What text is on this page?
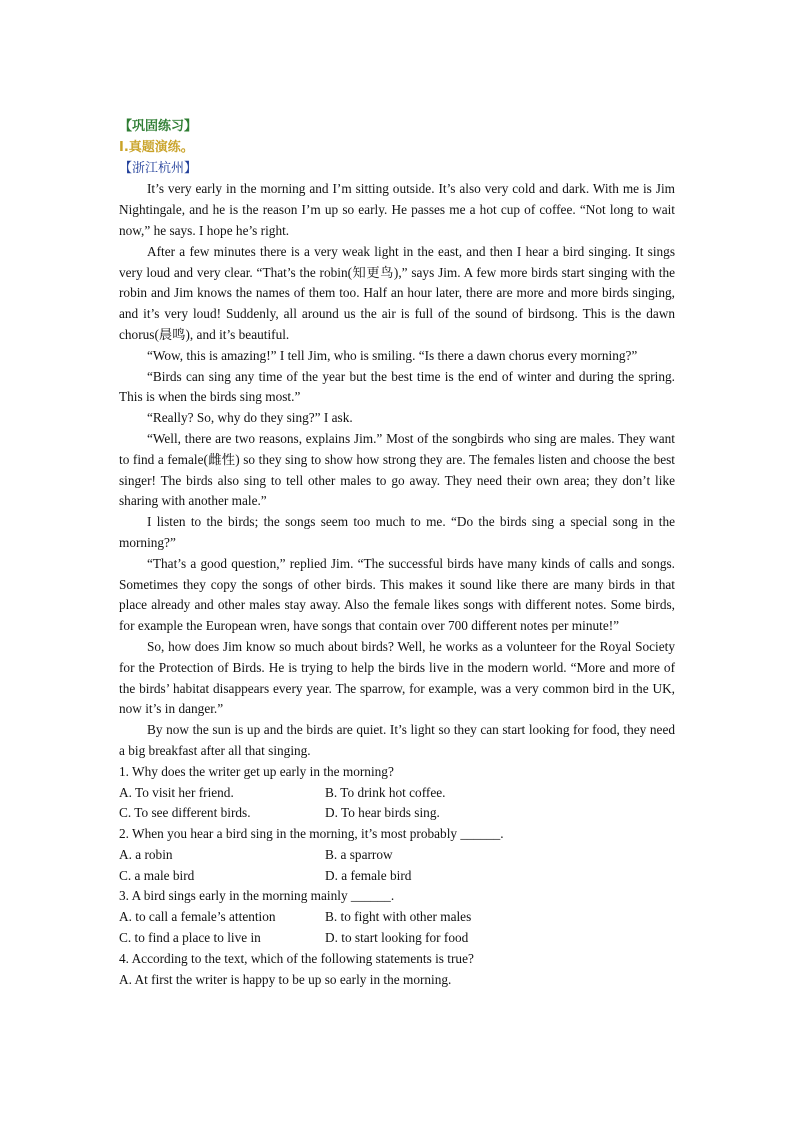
【巩固练习】
I.真题演练。
【浙江杭州】

It’s very early in the morning and I’m sitting outside. It’s also very cold and dark. With me is Jim Nightingale, and he is the reason I’m up so early. He passes me a hot cup of coffee. “Not long to wait now,” he says. I hope he’s right.

After a few minutes there is a very weak light in the east, and then I hear a bird singing. It sings very loud and very clear. “That’s the robin(知更鸟),” says Jim. A few more birds start singing with the robin and Jim knows the names of them too. Half an hour later, there are more and more birds singing, and it’s very loud! Suddenly, all around us the air is full of the sound of birdsong. This is the dawn chorus(晨鸣), and it’s beautiful.

“Wow, this is amazing!” I tell Jim, who is smiling. “Is there a dawn chorus every morning?”

“Birds can sing any time of the year but the best time is the end of winter and during the spring. This is when the birds sing most.”

“Really? So, why do they sing?” I ask.

“Well, there are two reasons, explains Jim.” Most of the songbirds who sing are males. They want to find a female(雌性) so they sing to show how strong they are. The females listen and choose the best singer! The birds also sing to tell other males to go away. They need their own area; they don’t like sharing with another male.”

I listen to the birds; the songs seem too much to me. “Do the birds sing a special song in the morning?”

“That’s a good question,” replied Jim. “The successful birds have many kinds of calls and songs. Sometimes they copy the songs of other birds. This makes it sound like there are many birds in that place already and other males stay away. Also the female likes songs with different notes. Some birds, for example the European wren, have songs that contain over 700 different notes per minute!”

So, how does Jim know so much about birds? Well, he works as a volunteer for the Royal Society for the Protection of Birds. He is trying to help the birds live in the modern world. “More and more of the birds’ habitat disappears every year. The sparrow, for example, was a very common bird in the UK, now it’s in danger.”

By now the sun is up and the birds are quiet. It’s light so they can start looking for food, they need a big breakfast after all that singing.

1. Why does the writer get up early in the morning?

A. To visit her friend.	B. To drink hot coffee.
C. To see different birds.	D. To hear birds sing.

2. When you hear a bird sing in the morning, it’s most probably ______.

A. a robin	B. a sparrow
C. a male bird	D. a female bird

3. A bird sings early in the morning mainly ______.

A. to call a female’s attention	B. to fight with other males
C. to find a place to live in	D. to start looking for food

4. According to the text, which of the following statements is true?

A. At first the writer is happy to be up so early in the morning.
